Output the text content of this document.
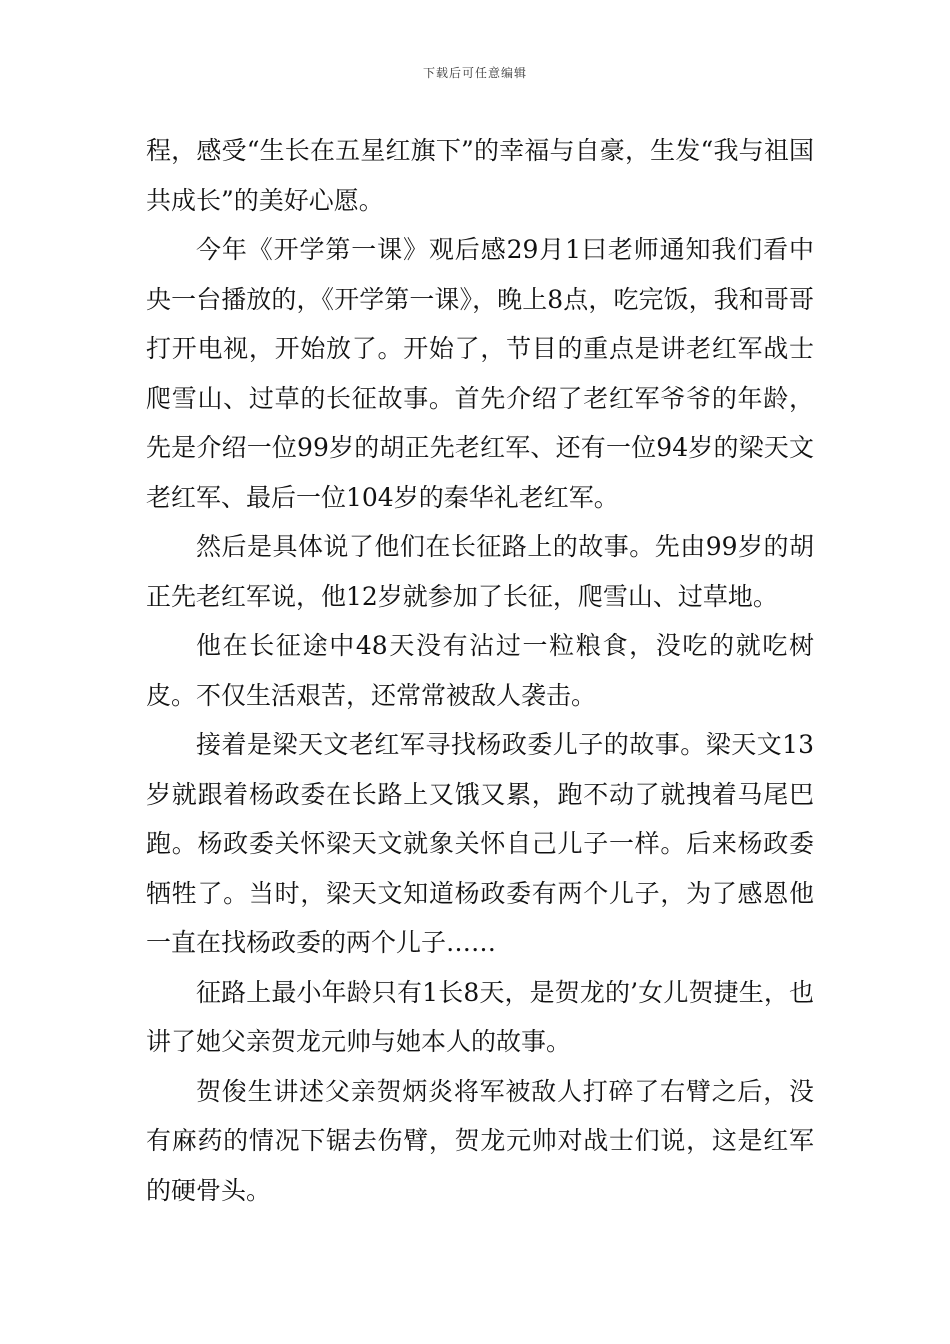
下载后可任意编辑

程，感受“生长在五星红旗下”的幸福与自豪，生发“我与祖国共成长”的美好心愿。

今年《开学第一课》观后感29月1曰老师通知我们看中央一台播放的，《开学第一课》，晚上8点，吃完饭，我和哥哥打开电视，开始放了。开始了，节目的重点是讲老红军战士爬雪山、过草的长征故事。首先介绍了老红军爷爷的年龄，先是介绍一位99岁的胡正先老红军、还有一位94岁的梁天文老红军、最后一位104岁的秦华礼老红军。

然后是具体说了他们在长征路上的故事。先由99岁的胡正先老红军说，他12岁就参加了长征，爬雪山、过草地。

他在长征途中48天没有沾过一粒粮食，没吃的就吃树皮。不仅生活艰苦，还常常被敌人袭击。

接着是梁天文老红军寻找杨政委儿子的故事。梁天文13岁就跟着杨政委在长路上又饿又累，跑不动了就拽着马尾巴跑。杨政委关怀梁天文就象关怀自己儿子一样。后来杨政委牺牲了。当时，梁天文知道杨政委有两个儿子，为了感恩他一直在找杨政委的两个儿子……

征路上最小年龄只有1长8天，是贺龙的’女儿贺捷生，也讲了她父亲贺龙元帅与她本人的故事。

贺俊生讲述父亲贺炳炎将军被敌人打碎了右臂之后，没有麻药的情况下锯去伤臂，贺龙元帅对战士们说，这是红军的硬骨头。
